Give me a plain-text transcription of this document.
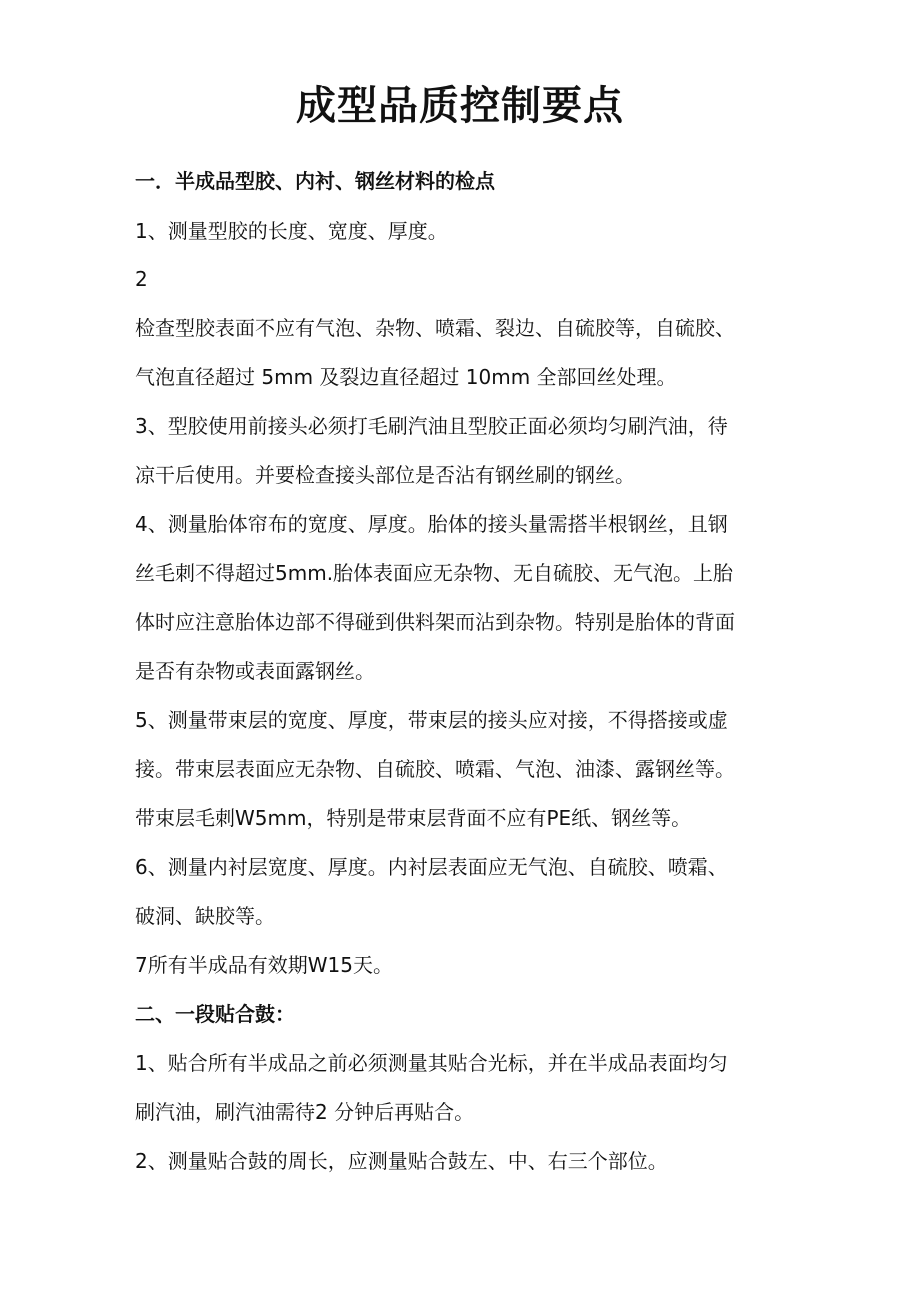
成型品质控制要点
一．半成品型胶、内衬、钢丝材料的检点
1、测量型胶的长度、宽度、厚度。
2
检查型胶表面不应有气泡、杂物、喷霜、裂边、自硫胶等，自硫胶、
气泡直径超过 5mm 及裂边直径超过 10mm 全部回丝处理。
3、型胶使用前接头必须打毛刷汽油且型胶正面必须均匀刷汽油，待
凉干后使用。并要检查接头部位是否沾有钢丝刷的钢丝。
4、测量胎体帘布的宽度、厚度。胎体的接头量需搭半根钢丝，且钢
丝毛刺不得超过5mm.胎体表面应无杂物、无自硫胶、无气泡。上胎
体时应注意胎体边部不得碰到供料架而沾到杂物。特别是胎体的背面
是否有杂物或表面露钢丝。
5、测量带束层的宽度、厚度，带束层的接头应对接，不得搭接或虚
接。带束层表面应无杂物、自硫胶、喷霜、气泡、油漆、露钢丝等。
带束层毛刺W5mm，特别是带束层背面不应有PE纸、钢丝等。
6、测量内衬层宽度、厚度。内衬层表面应无气泡、自硫胶、喷霜、
破洞、缺胶等。
7所有半成品有效期W15天。
二、一段贴合鼓：
1、贴合所有半成品之前必须测量其贴合光标，并在半成品表面均匀
刷汽油，刷汽油需待2 分钟后再贴合。
2、测量贴合鼓的周长，应测量贴合鼓左、中、右三个部位。
